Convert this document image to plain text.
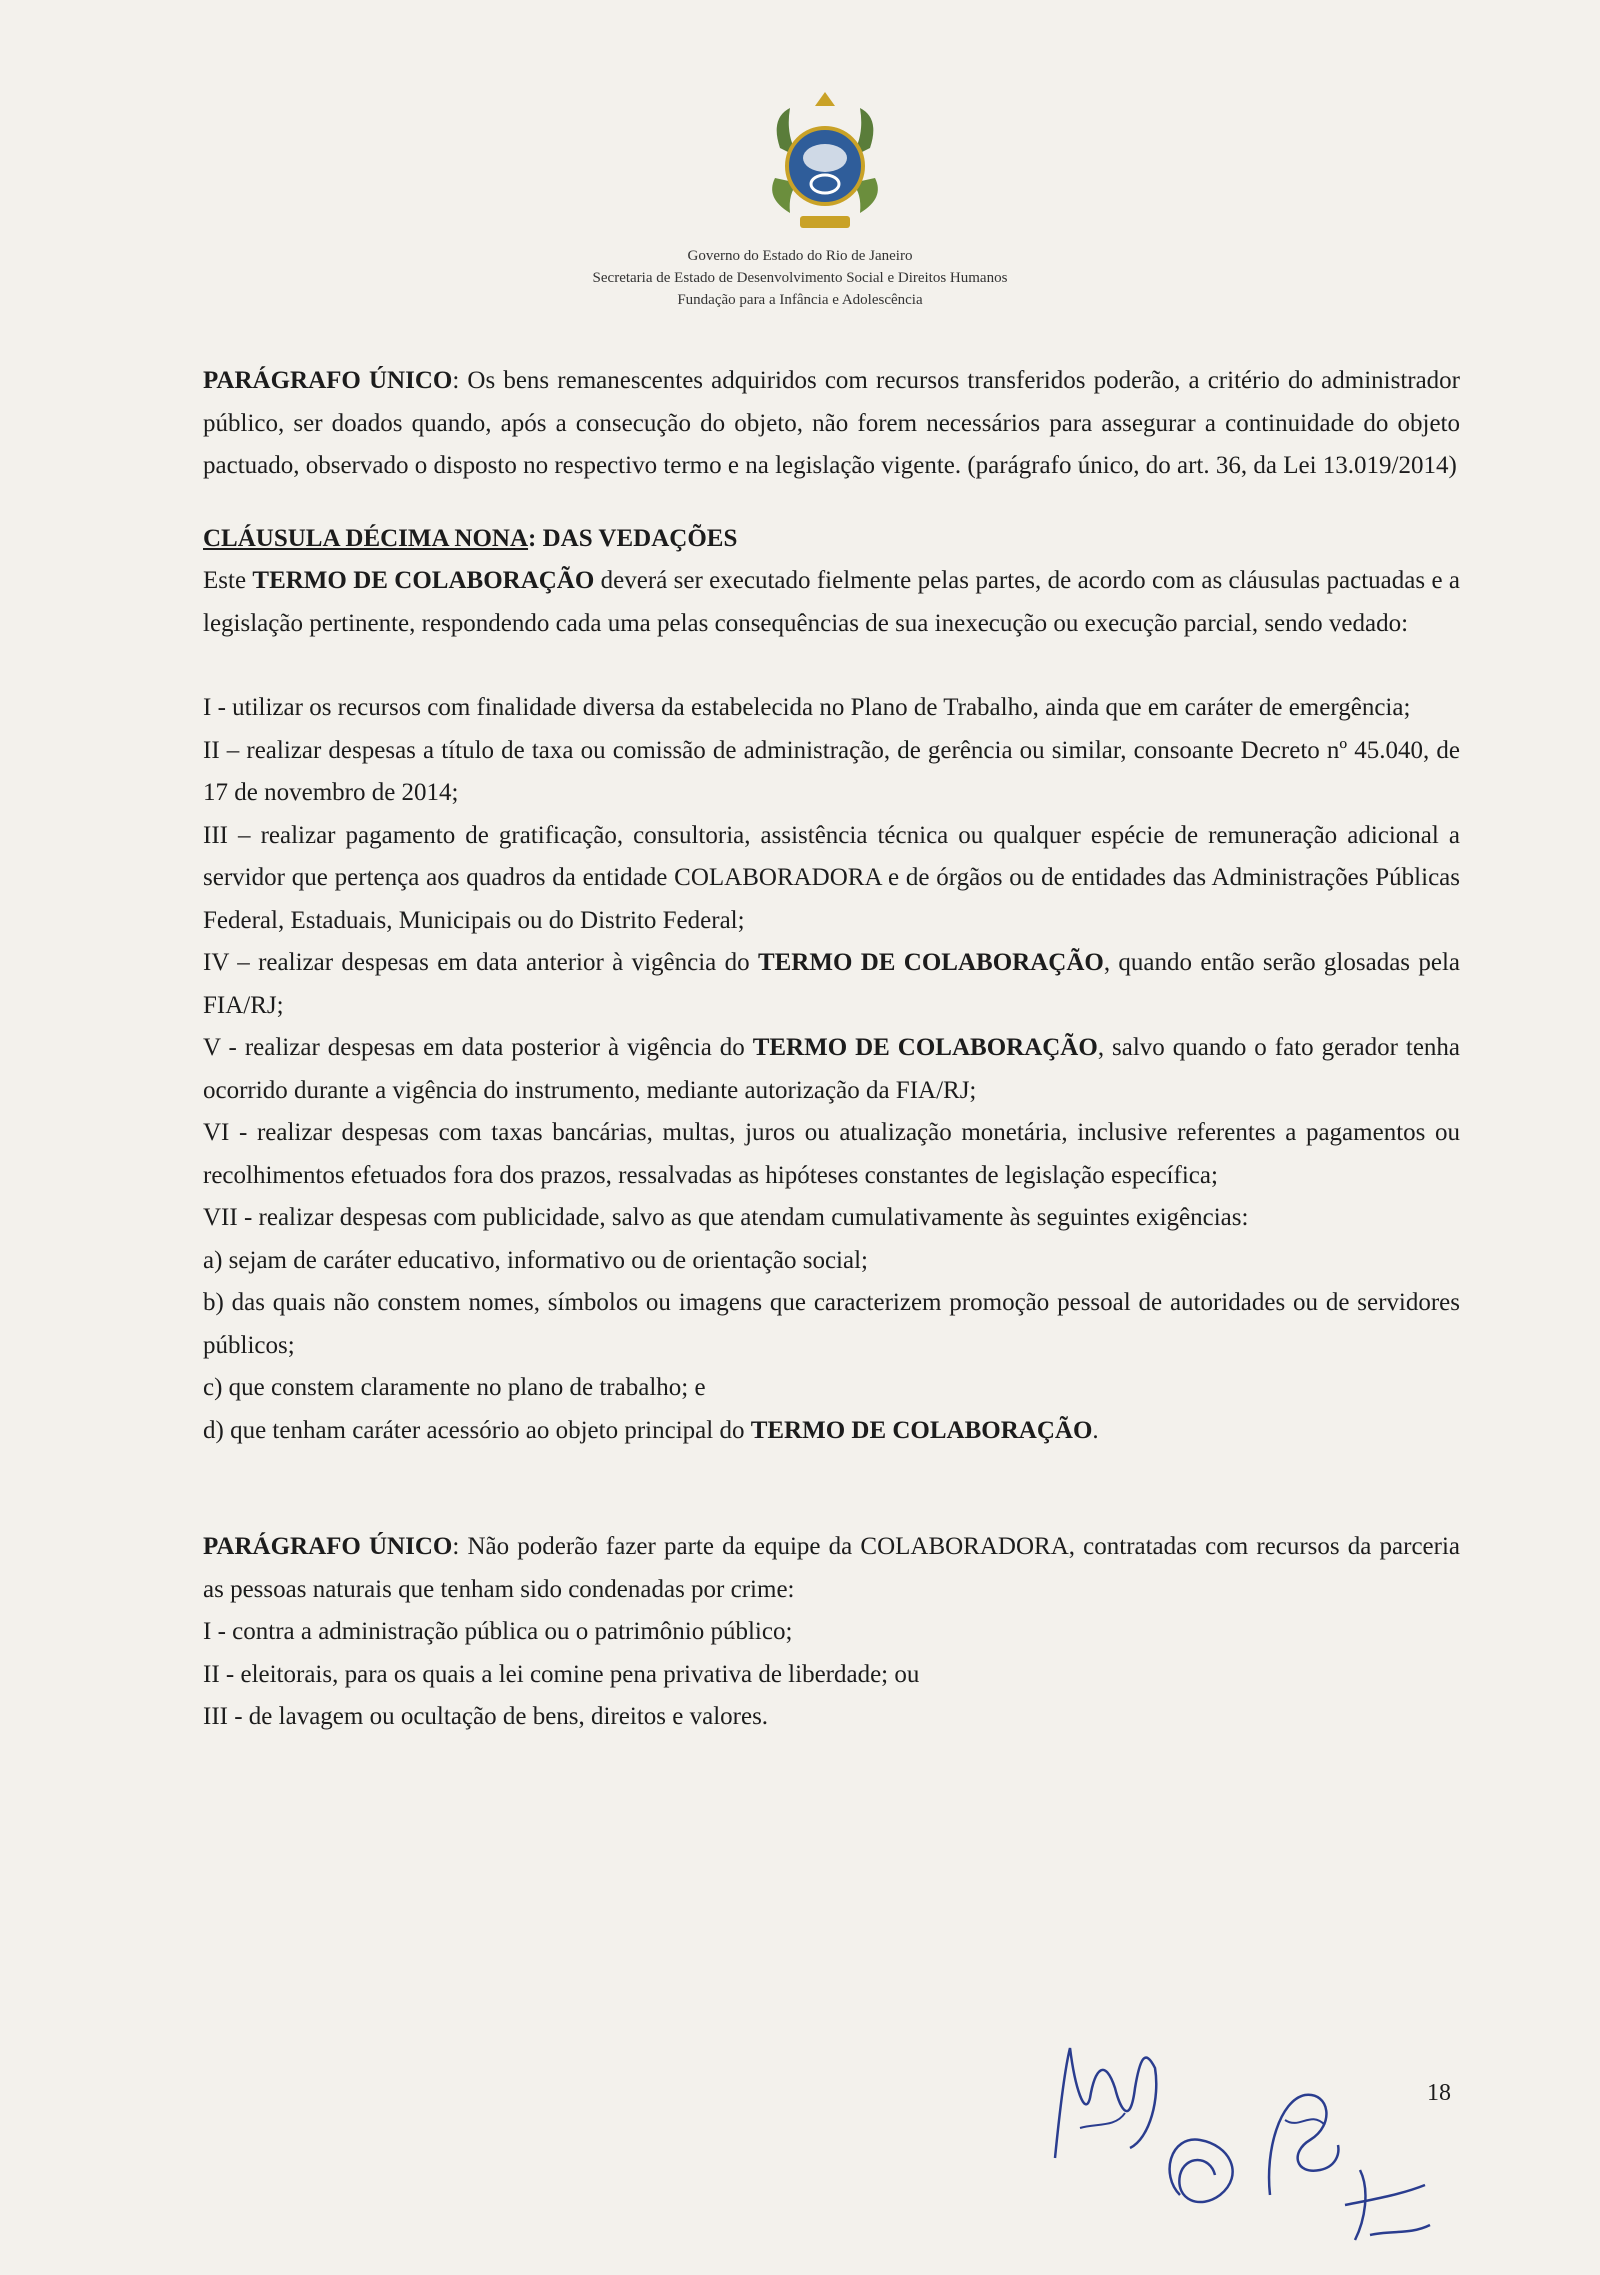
Governo do Estado do Rio de Janeiro
Secretaria de Estado de Desenvolvimento Social e Direitos Humanos
Fundação para a Infância e Adolescência

PARÁGRAFO ÚNICO: Os bens remanescentes adquiridos com recursos transferidos poderão, a critério do administrador público, ser doados quando, após a consecução do objeto, não forem necessários para assegurar a continuidade do objeto pactuado, observado o disposto no respectivo termo e na legislação vigente. (parágrafo único, do art. 36, da Lei 13.019/2014)

CLÁUSULA DÉCIMA NONA: DAS VEDAÇÕES

Este TERMO DE COLABORAÇÃO deverá ser executado fielmente pelas partes, de acordo com as cláusulas pactuadas e a legislação pertinente, respondendo cada uma pelas consequências de sua inexecução ou execução parcial, sendo vedado:

I - utilizar os recursos com finalidade diversa da estabelecida no Plano de Trabalho, ainda que em caráter de emergência;

II – realizar despesas a título de taxa ou comissão de administração, de gerência ou similar, consoante Decreto nº 45.040, de 17 de novembro de 2014;

III – realizar pagamento de gratificação, consultoria, assistência técnica ou qualquer espécie de remuneração adicional a servidor que pertença aos quadros da entidade COLABORADORA e de órgãos ou de entidades das Administrações Públicas Federal, Estaduais, Municipais ou do Distrito Federal;

IV – realizar despesas em data anterior à vigência do TERMO DE COLABORAÇÃO, quando então serão glosadas pela FIA/RJ;

V - realizar despesas em data posterior à vigência do TERMO DE COLABORAÇÃO, salvo quando o fato gerador tenha ocorrido durante a vigência do instrumento, mediante autorização da FIA/RJ;

VI - realizar despesas com taxas bancárias, multas, juros ou atualização monetária, inclusive referentes a pagamentos ou recolhimentos efetuados fora dos prazos, ressalvadas as hipóteses constantes de legislação específica;

VII - realizar despesas com publicidade, salvo as que atendam cumulativamente às seguintes exigências:

a) sejam de caráter educativo, informativo ou de orientação social;

b) das quais não constem nomes, símbolos ou imagens que caracterizem promoção pessoal de autoridades ou de servidores públicos;

c) que constem claramente no plano de trabalho; e

d) que tenham caráter acessório ao objeto principal do TERMO DE COLABORAÇÃO.

PARÁGRAFO ÚNICO: Não poderão fazer parte da equipe da COLABORADORA, contratadas com recursos da parceria as pessoas naturais que tenham sido condenadas por crime:

I - contra a administração pública ou o patrimônio público;

II - eleitorais, para os quais a lei comine pena privativa de liberdade; ou

III - de lavagem ou ocultação de bens, direitos e valores.

18
